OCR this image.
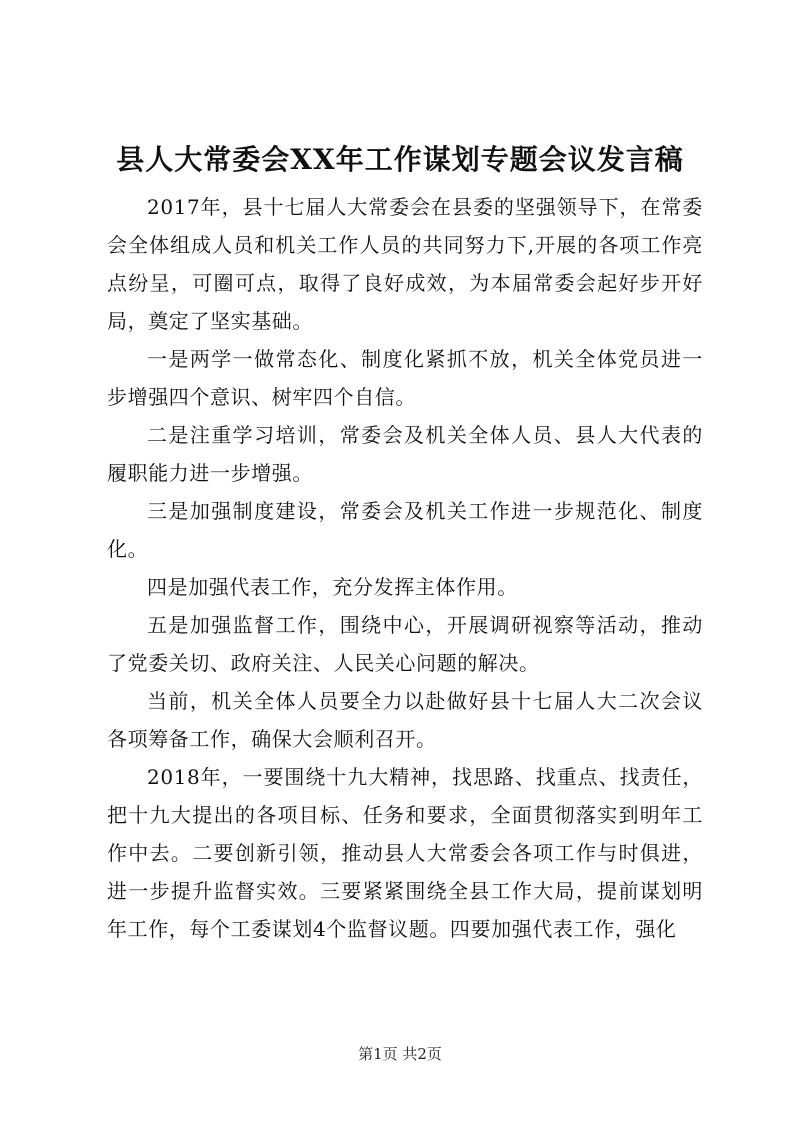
县人大常委会XX年工作谋划专题会议发言稿

2017年，县十七届人大常委会在县委的坚强领导下，在常委会全体组成人员和机关工作人员的共同努力下,开展的各项工作亮点纷呈，可圈可点，取得了良好成效，为本届常委会起好步开好局，奠定了坚实基础。

一是两学一做常态化、制度化紧抓不放，机关全体党员进一步增强四个意识、树牢四个自信。

二是注重学习培训，常委会及机关全体人员、县人大代表的履职能力进一步增强。

三是加强制度建设，常委会及机关工作进一步规范化、制度化。

四是加强代表工作，充分发挥主体作用。

五是加强监督工作，围绕中心，开展调研视察等活动，推动了党委关切、政府关注、人民关心问题的解决。

当前，机关全体人员要全力以赴做好县十七届人大二次会议各项筹备工作，确保大会顺利召开。

2018年，一要围绕十九大精神，找思路、找重点、找责任，把十九大提出的各项目标、任务和要求，全面贯彻落实到明年工作中去。二要创新引领，推动县人大常委会各项工作与时俱进，进一步提升监督实效。三要紧紧围绕全县工作大局，提前谋划明年工作，每个工委谋划4个监督议题。四要加强代表工作，强化

第1页 共2页
